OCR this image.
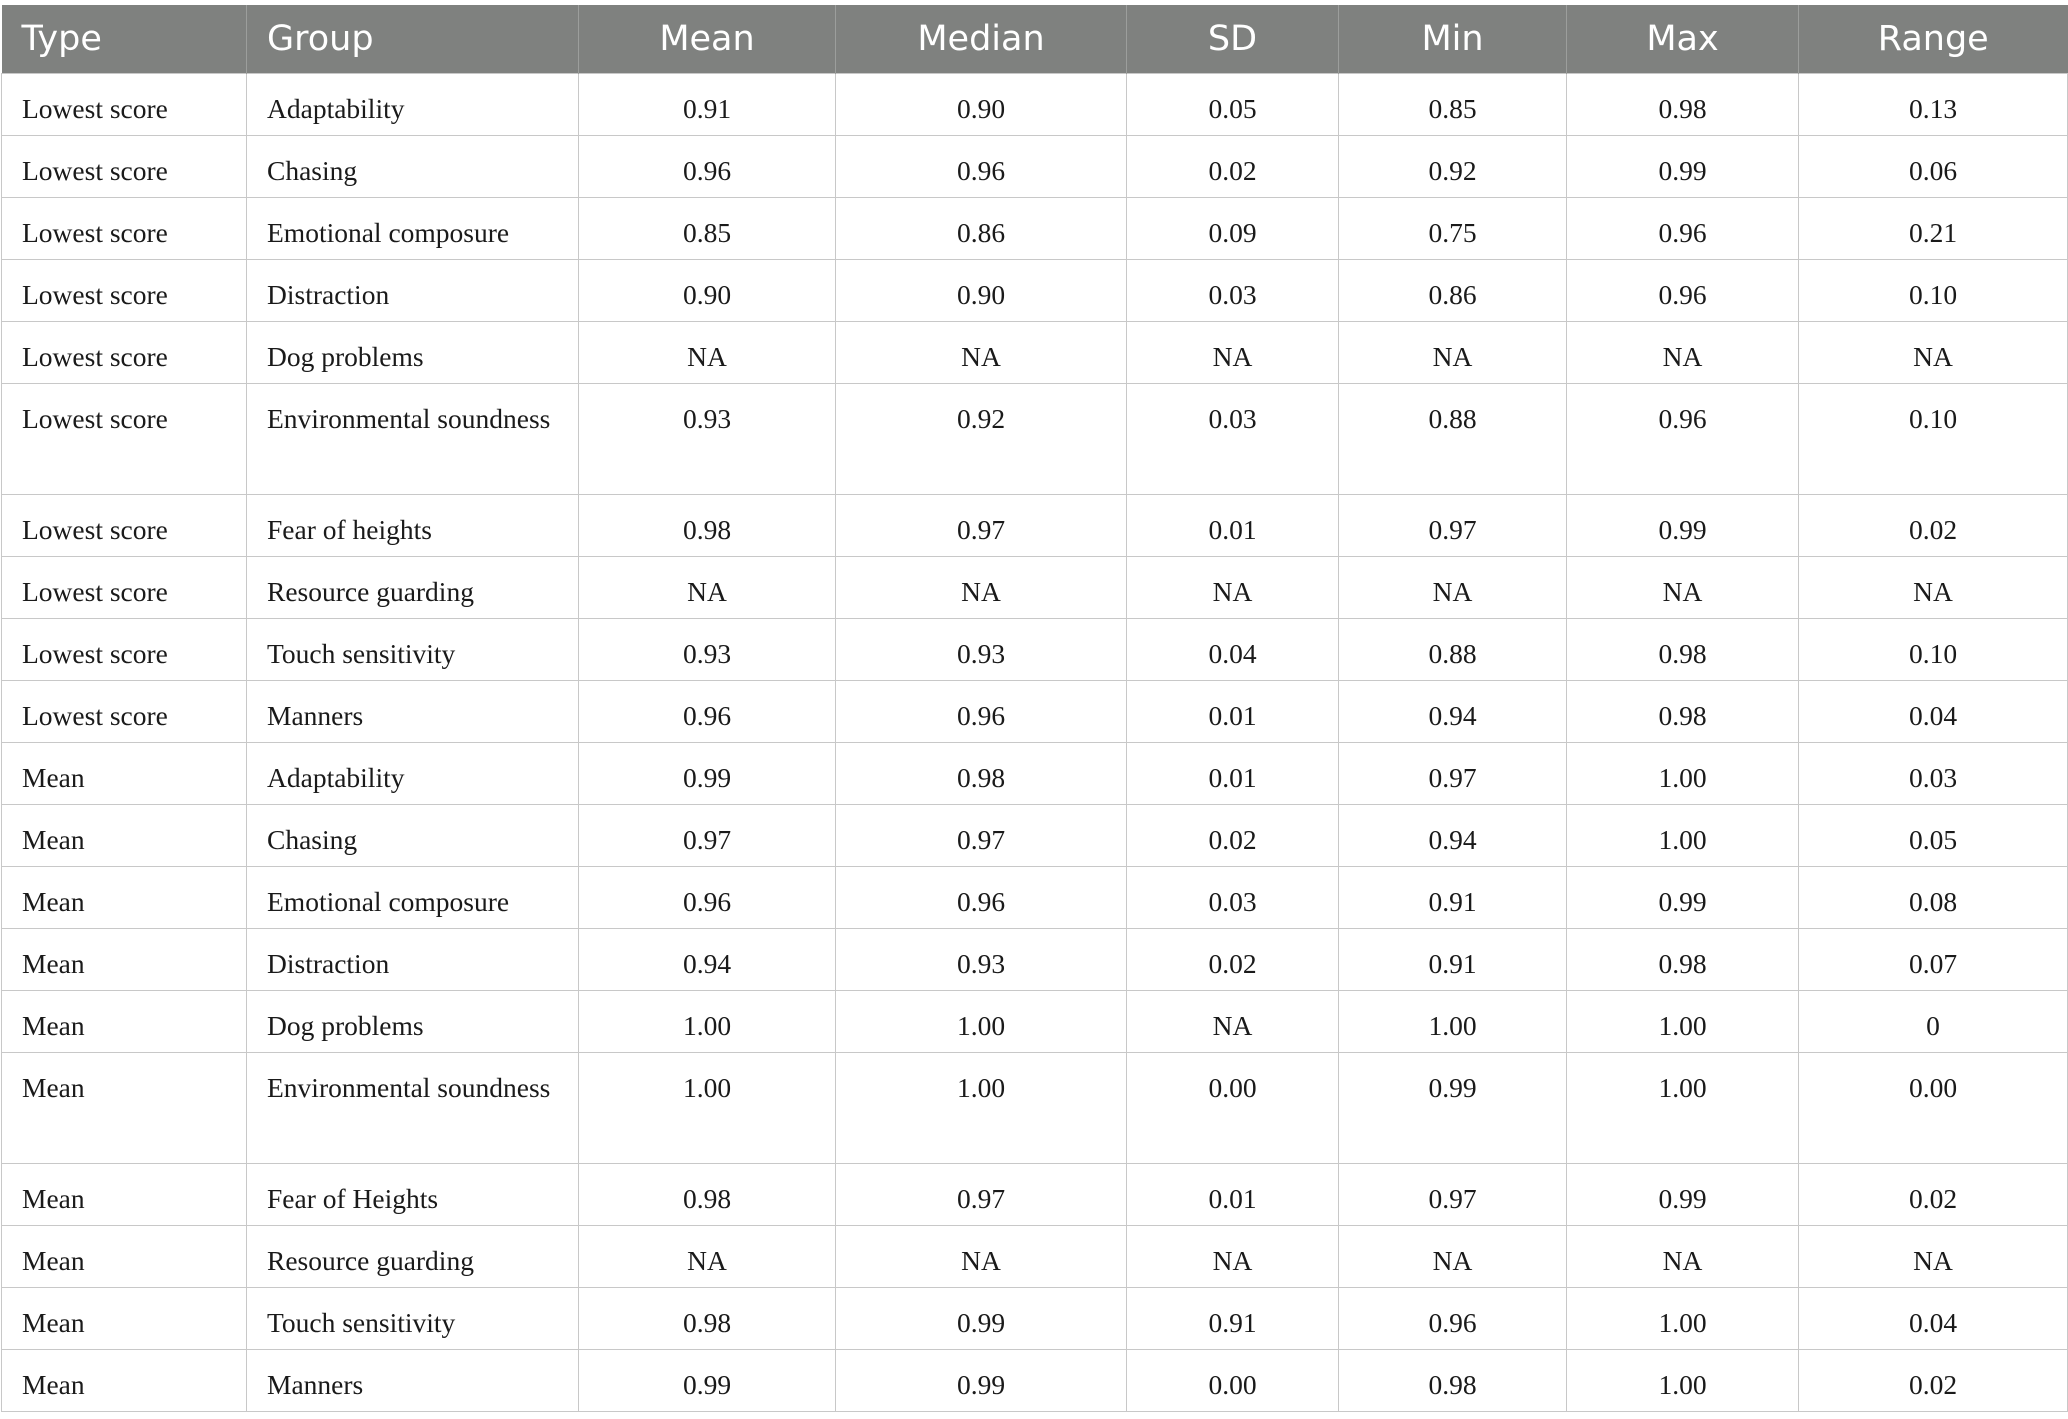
Type	Group	Mean	Median	SD	Min	Max	Range
Lowest score	Adaptability	0.91	0.90	0.05	0.85	0.98	0.13
Lowest score	Chasing	0.96	0.96	0.02	0.92	0.99	0.06
Lowest score	Emotional composure	0.85	0.86	0.09	0.75	0.96	0.21
Lowest score	Distraction	0.90	0.90	0.03	0.86	0.96	0.10
Lowest score	Dog problems	NA	NA	NA	NA	NA	NA
Lowest score	Environmental soundness	0.93	0.92	0.03	0.88	0.96	0.10
Lowest score	Fear of heights	0.98	0.97	0.01	0.97	0.99	0.02
Lowest score	Resource guarding	NA	NA	NA	NA	NA	NA
Lowest score	Touch sensitivity	0.93	0.93	0.04	0.88	0.98	0.10
Lowest score	Manners	0.96	0.96	0.01	0.94	0.98	0.04
Mean	Adaptability	0.99	0.98	0.01	0.97	1.00	0.03
Mean	Chasing	0.97	0.97	0.02	0.94	1.00	0.05
Mean	Emotional composure	0.96	0.96	0.03	0.91	0.99	0.08
Mean	Distraction	0.94	0.93	0.02	0.91	0.98	0.07
Mean	Dog problems	1.00	1.00	NA	1.00	1.00	0
Mean	Environmental soundness	1.00	1.00	0.00	0.99	1.00	0.00
Mean	Fear of Heights	0.98	0.97	0.01	0.97	0.99	0.02
Mean	Resource guarding	NA	NA	NA	NA	NA	NA
Mean	Touch sensitivity	0.98	0.99	0.91	0.96	1.00	0.04
Mean	Manners	0.99	0.99	0.00	0.98	1.00	0.02
